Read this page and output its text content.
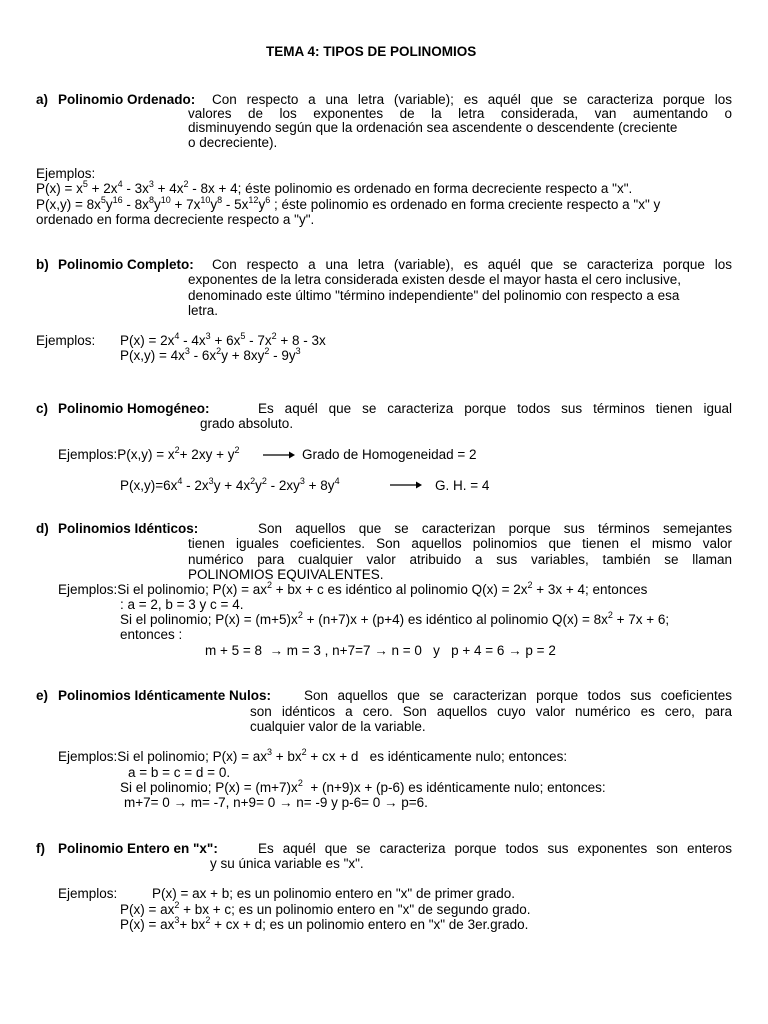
TEMA 4: TIPOS DE POLINOMIOS
a) Polinomio Ordenado: Con respecto a una letra (variable); es aquél que se caracteriza porque los
valores de los exponentes de la letra considerada, van aumentando o
disminuyendo según que la ordenación sea ascendente o descendente (creciente
o decreciente).
Ejemplos:
$P(x) = x^5 + 2x^4 - 3x^3 + 4x^2 - 8x + 4$; éste polinomio es ordenado en forma decreciente respecto a "x".
$P(x,y) = 8x^5y^{16} - 8x^8y^{10} + 7x^{10}y^8 - 5x^{12}y^6$ ; éste polinomio es ordenado en forma creciente respecto a "x" y
ordenado en forma decreciente respecto a "y".
b) Polinomio Completo: Con respecto a una letra (variable), es aquél que se caracteriza porque los
exponentes de la letra considerada existen desde el mayor hasta el cero inclusive,
denominado este último "término independiente" del polinomio con respecto a esa
letra.
Ejemplos: $P(x) = 2x^4 - 4x^3 + 6x^5 - 7x^2 + 8 - 3x$
$P(x,y) = 4x^3 - 6x^2y + 8xy^2 - 9y^3$
c) Polinomio Homogéneo:	Es aquél que se caracteriza porque todos sus términos tienen igual
grado absoluto.
Ejemplos:P(x,y) = $x^2+ 2xy + y^2$	Grado de Homogeneidad = 2
$P(x,y)=6x^4 - 2x^3y + 4x^2y^2 - 2xy^3 + 8y^4$	G. H. = 4
d) Polinomios Idénticos:	Son aquellos que se caracterizan porque sus términos semejantes
tienen iguales coeficientes. Son aquellos polinomios que tienen el mismo valor
numérico para cualquier valor atribuido a sus variables, también se llaman
POLINOMIOS EQUIVALENTES.
Ejemplos:Si el polinomio; $P(x) = ax^2$ + bx + c es idéntico al polinomio $Q(x) = 2x^2 + 3x + 4$; entonces
: a = 2, b = 3 y c = 4.
Si el polinomio; $P(x) = (m+5)x^2 + (n+7)x + (p+4)$ es idéntico al polinomio $Q(x) = 8x^2 + 7x + 6$;
entonces :
m + 5 = 8  → m = 3 , n+7=7 → n = 0   y   p + 4 = 6 → p = 2
e) Polinomios Idénticamente Nulos: Son aquellos que se caracterizan porque todos sus coeficientes
son idénticos a cero. Son aquellos cuyo valor numérico es cero, para
cualquier valor de la variable.
Ejemplos:Si el polinomio; $P(x) = ax^3 + bx^2$ + cx + d   es idénticamente nulo; entonces:
a = b = c = d = 0.
Si el polinomio; $P(x) = (m+7)x^2 + (n+9)x + (p-6)$ es idénticamente nulo; entonces:
m+7= 0 → m= -7, n+9= 0 → n= -9 y p-6= 0 → p=6.
f) Polinomio Entero en "x":	Es aquél que se caracteriza porque todos sus exponentes son enteros
y su única variable es "x".
Ejemplos:	P(x) = ax + b; es un polinomio entero en "x" de primer grado.
$P(x) = ax^2$ + bx + c; es un polinomio entero en "x" de segundo grado.
$P(x) = ax^3+ bx^2$ + cx + d; es un polinomio entero en "x" de 3er.grado.
